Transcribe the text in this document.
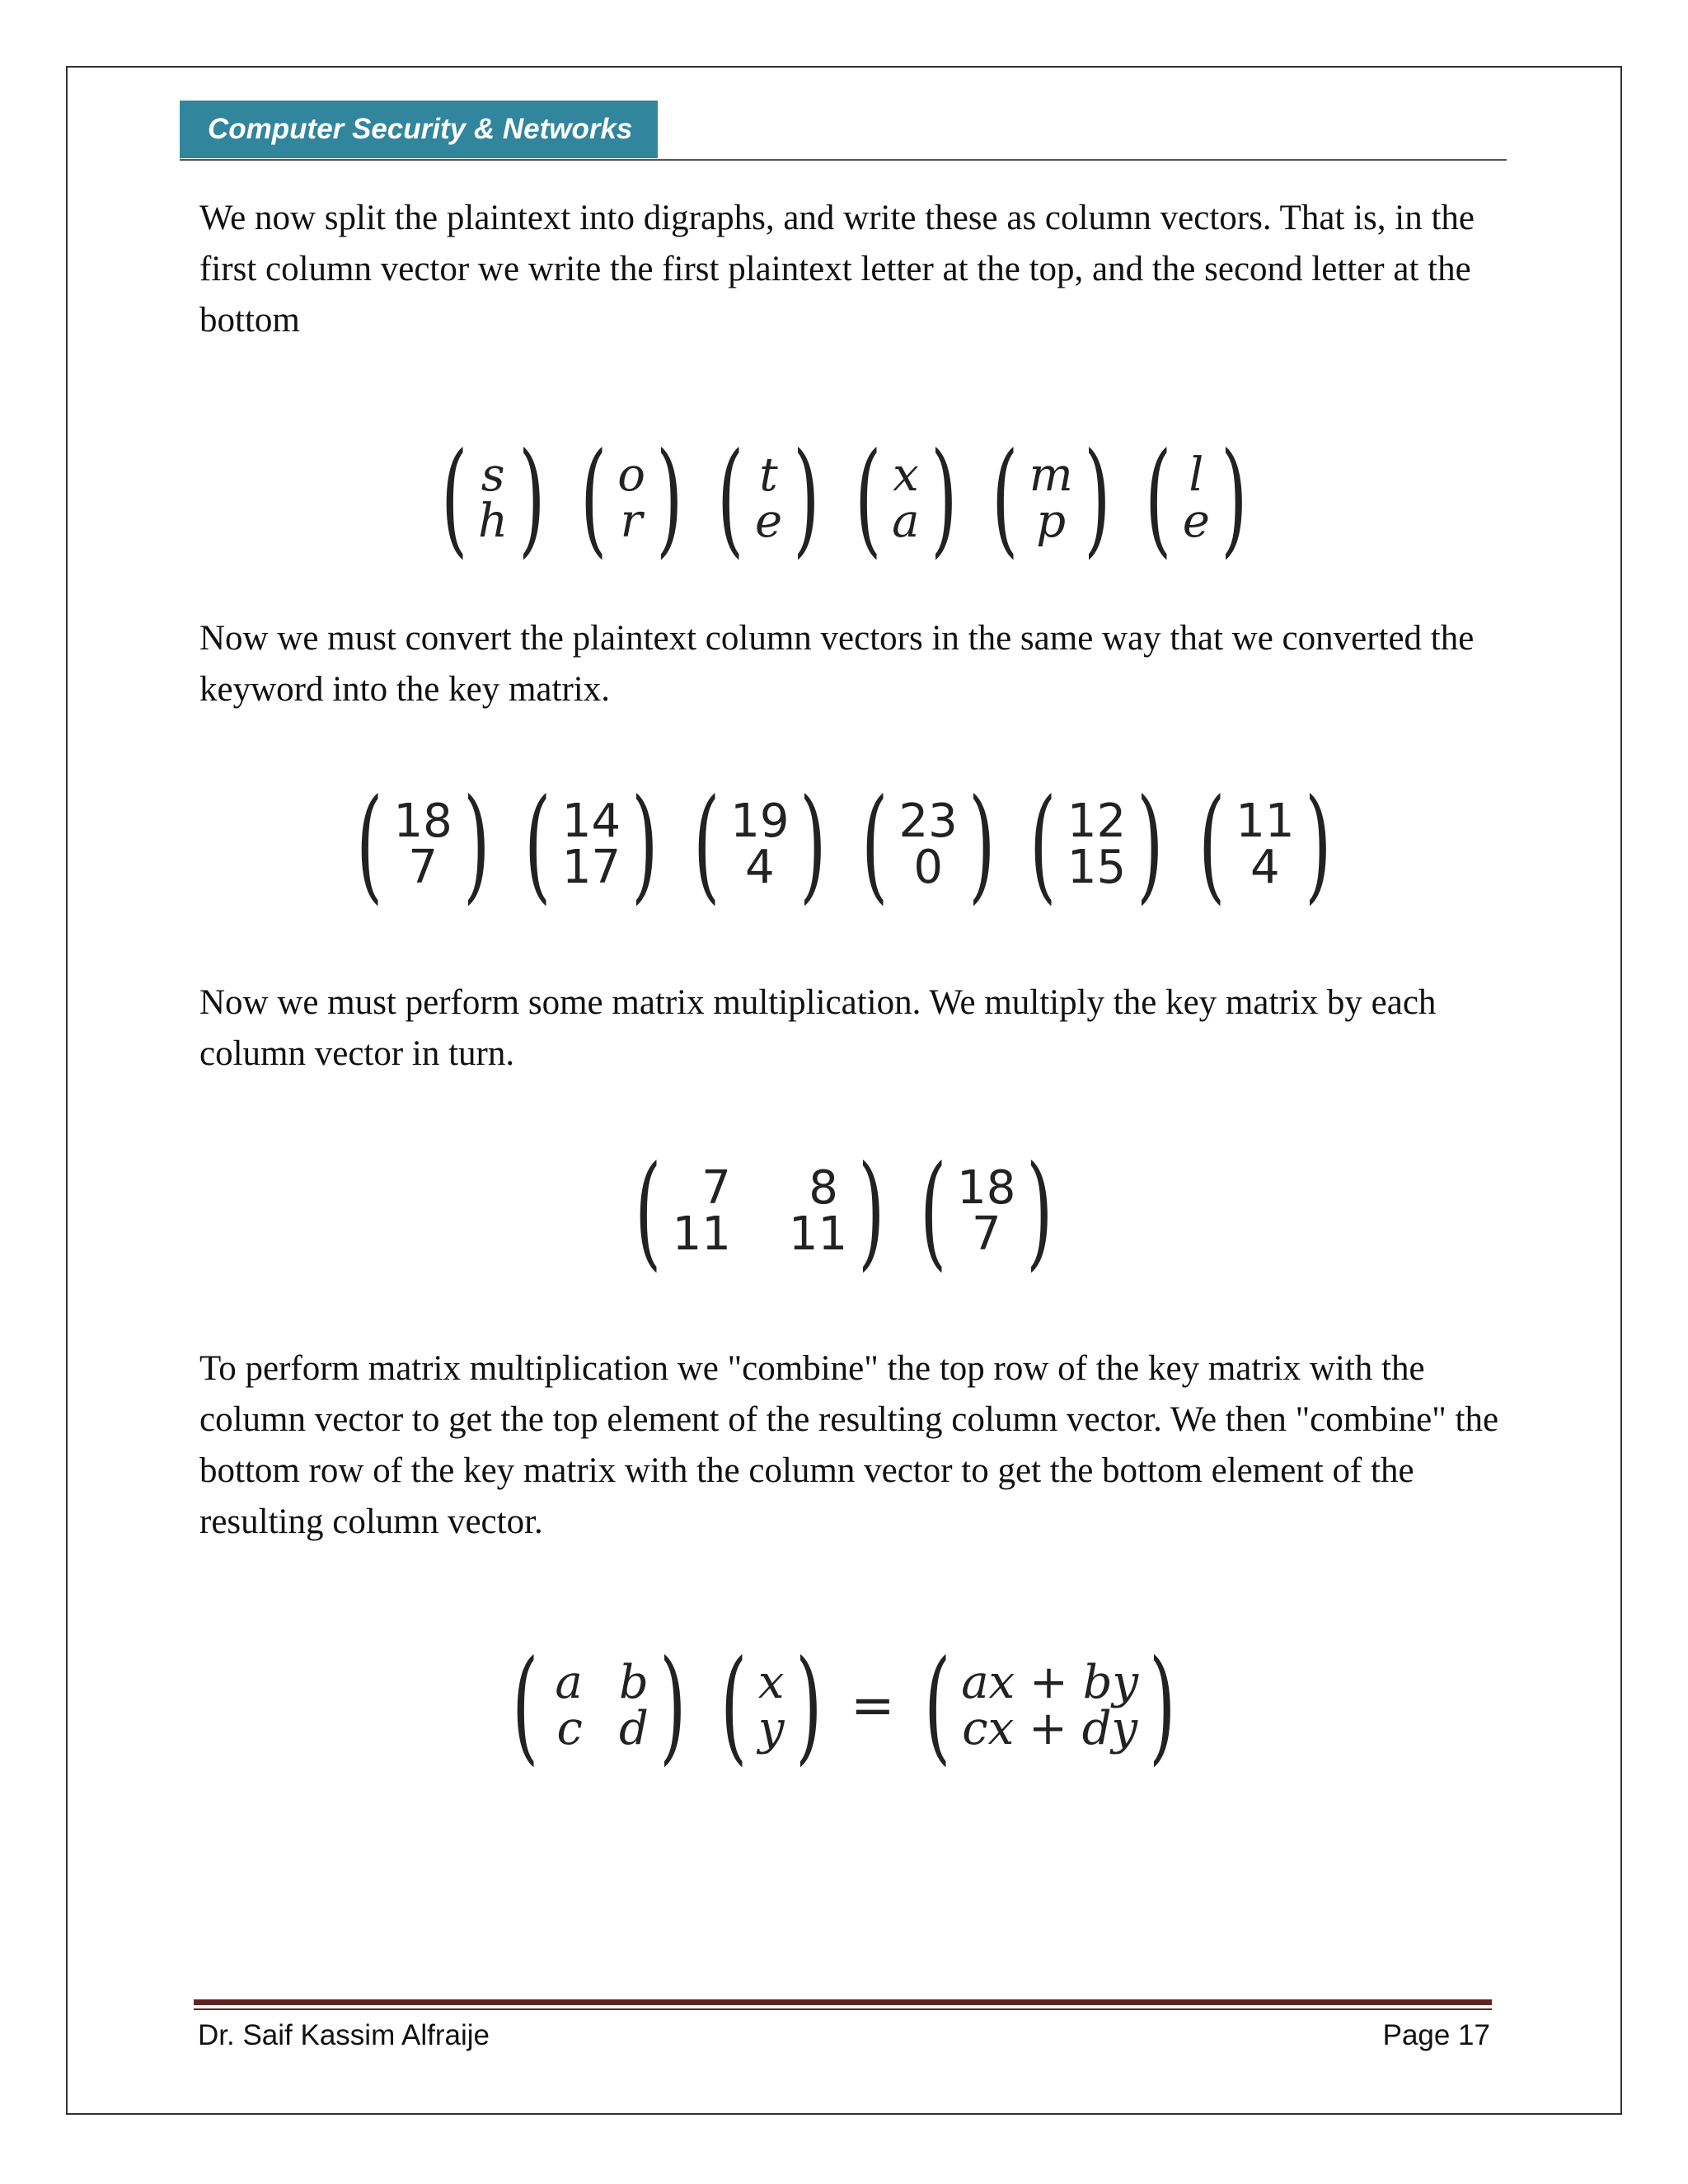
Computer Security & Networks

We now split the plaintext into digraphs, and write these as column vectors. That is, in the first column vector we write the first plaintext letter at the top, and the second letter at the bottom

( s
h ) ( o
r ) ( t
e ) ( x
a ) ( m
p ) ( l
e )

Now we must convert the plaintext column vectors in the same way that we converted the keyword into the key matrix.

( 18
7 ) ( 14
17 ) ( 19
4 ) ( 23
0 ) ( 12
15 ) ( 11
4 )

Now we must perform some matrix multiplication. We multiply the key matrix by each column vector in turn.

( 7	8
11 11 ) ( 18
7 )

To perform matrix multiplication we "combine" the top row of the key matrix with the column vector to get the top element of the resulting column vector. We then "combine" the bottom row of the key matrix with the column vector to get the bottom element of the resulting column vector.

( a b
c d ) ( x
y ) = ( ax + by
cx + dy )
Dr. Saif Kassim Alfraije	Page 17
